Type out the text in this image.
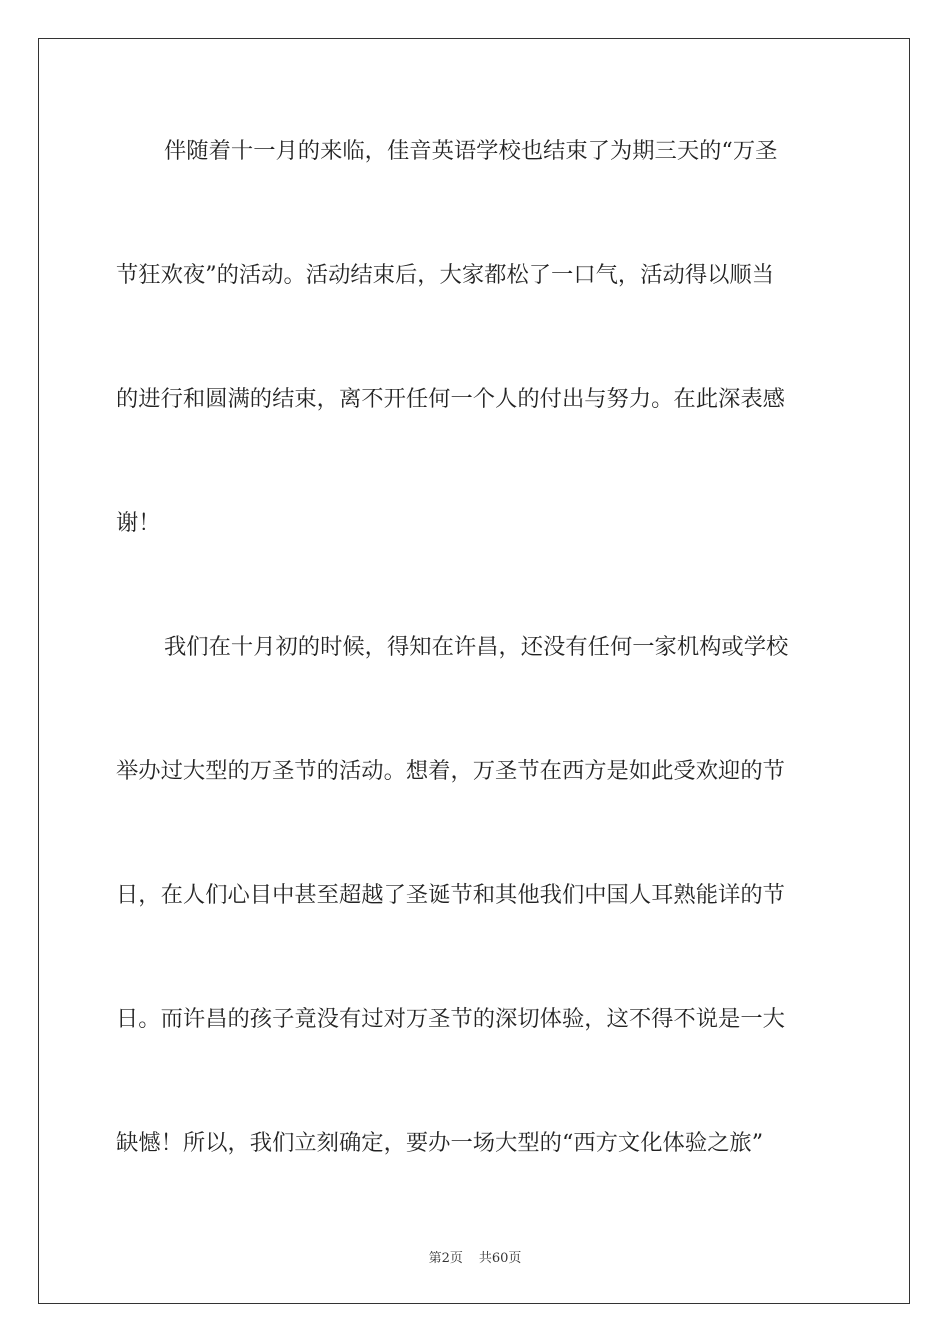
伴随着十一月的来临，佳音英语学校也结束了为期三天的“万圣
节狂欢夜”的活动。活动结束后，大家都松了一口气，活动得以顺当
的进行和圆满的结束，离不开任何一个人的付出与努力。在此深表感
谢！
我们在十月初的时候，得知在许昌，还没有任何一家机构或学校
举办过大型的万圣节的活动。想着，万圣节在西方是如此受欢迎的节
日，在人们心目中甚至超越了圣诞节和其他我们中国人耳熟能详的节
日。而许昌的孩子竟没有过对万圣节的深切体验，这不得不说是一大
缺憾！所以，我们立刻确定，要办一场大型的“西方文化体验之旅”
第2页 共60页
